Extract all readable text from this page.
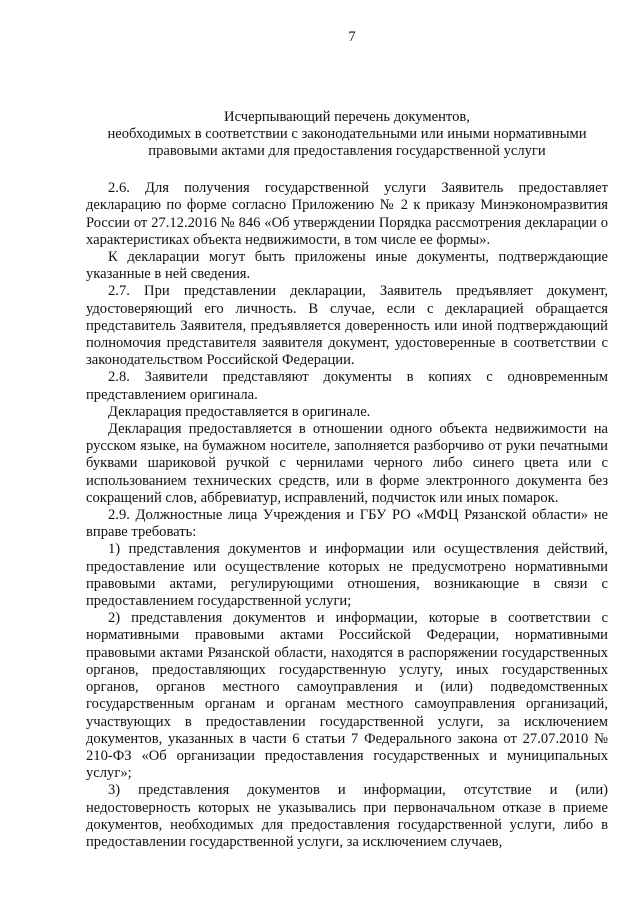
7
Исчерпывающий перечень документов,
необходимых в соответствии с законодательными или иными нормативными
правовыми актами для предоставления государственной услуги

2.6. Для получения государственной услуги Заявитель предоставляет декларацию по форме согласно Приложению № 2 к приказу Минэкономразвития России от 27.12.2016 № 846 «Об утверждении Порядка рассмотрения декларации о характеристиках объекта недвижимости, в том числе ее формы».

К декларации могут быть приложены иные документы, подтверждающие указанные в ней сведения.

2.7. При представлении декларации, Заявитель предъявляет документ, удостоверяющий его личность. В случае, если с декларацией обращается представитель Заявителя, предъявляется доверенность или иной подтверждающий полномочия представителя заявителя документ, удостоверенные в соответствии с законодательством Российской Федерации.

2.8. Заявители представляют документы в копиях с одновременным представлением оригинала.

Декларация предоставляется в оригинале.

Декларация предоставляется в отношении одного объекта недвижимости на русском языке, на бумажном носителе, заполняется разборчиво от руки печатными буквами шариковой ручкой с чернилами черного либо синего цвета или с использованием технических средств, или в форме электронного документа без сокращений слов, аббревиатур, исправлений, подчисток или иных помарок.

2.9. Должностные лица Учреждения и ГБУ РО «МФЦ Рязанской области» не вправе требовать:

1) представления документов и информации или осуществления действий, предоставление или осуществление которых не предусмотрено нормативными правовыми актами, регулирующими отношения, возникающие в связи с предоставлением государственной услуги;

2) представления документов и информации, которые в соответствии с нормативными правовыми актами Российской Федерации, нормативными правовыми актами Рязанской области, находятся в распоряжении государственных органов, предоставляющих государственную услугу, иных государственных органов, органов местного самоуправления и (или) подведомственных государственным органам и органам местного самоуправления организаций, участвующих в предоставлении государственной услуги, за исключением документов, указанных в части 6 статьи 7 Федерального закона от 27.07.2010 № 210-ФЗ «Об организации предоставления государственных и муниципальных услуг»;

3) представления документов и информации, отсутствие и (или) недостоверность которых не указывались при первоначальном отказе в приеме документов, необходимых для предоставления государственной услуги, либо в предоставлении государственной услуги, за исключением случаев,
